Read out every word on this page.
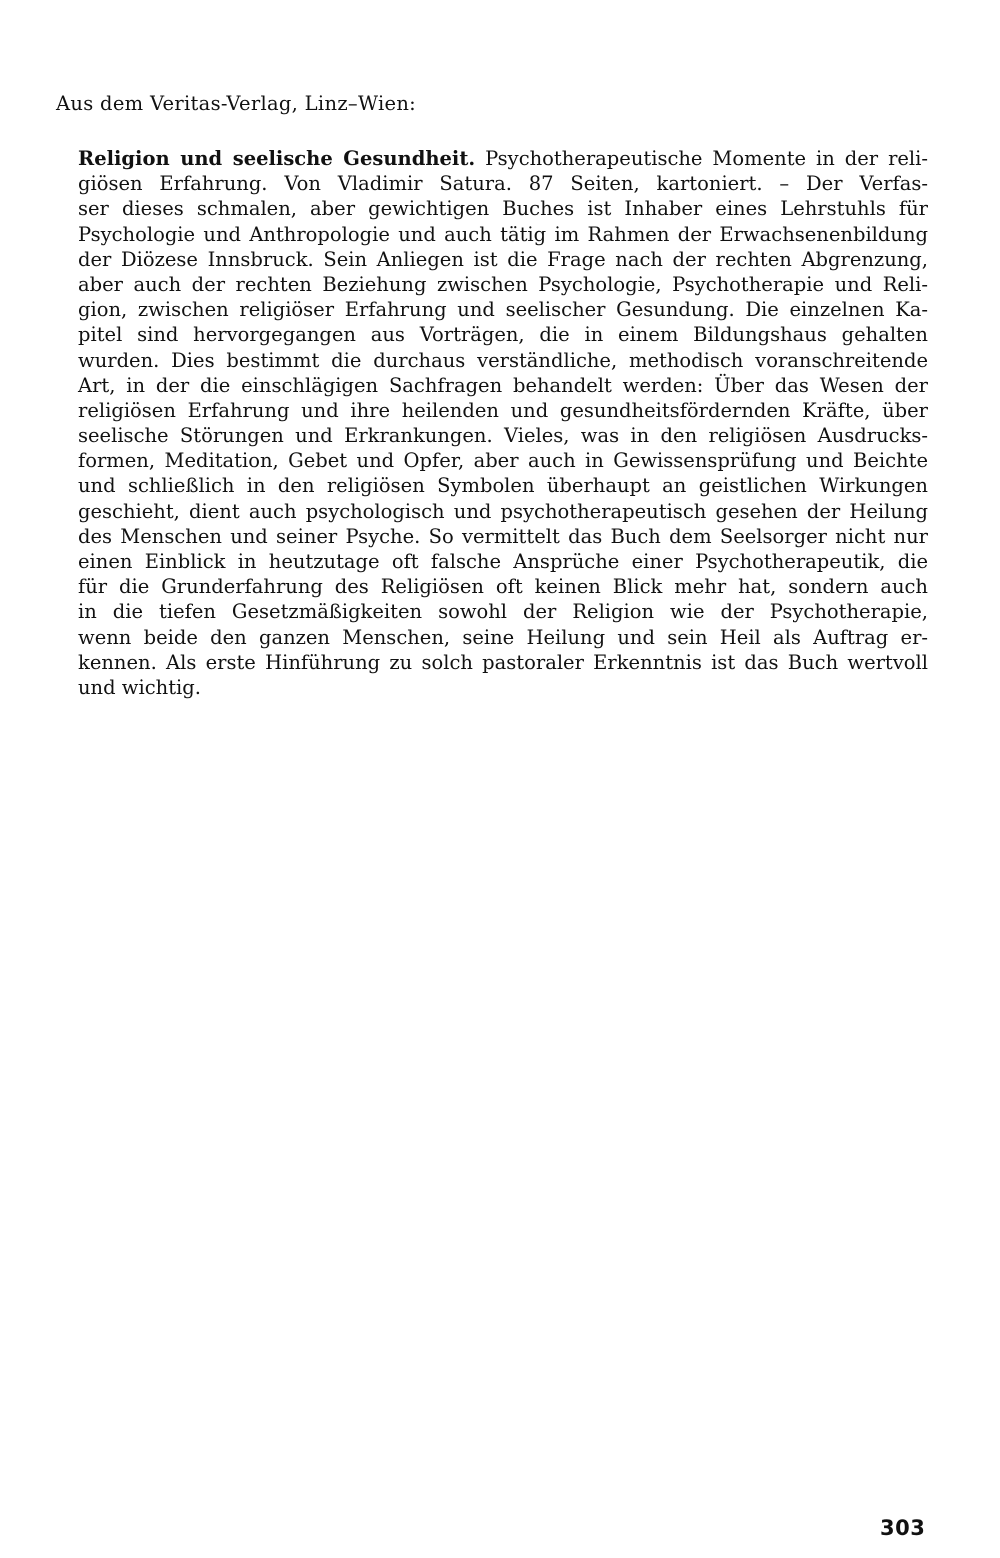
Aus dem Veritas-Verlag, Linz–Wien:
Religion und seelische Gesundheit. Psychotherapeutische Momente in der reli-
giösen Erfahrung. Von Vladimir Satura. 87 Seiten, kartoniert. – Der Verfas-
ser dieses schmalen, aber gewichtigen Buches ist Inhaber eines Lehrstuhls für
Psychologie und Anthropologie und auch tätig im Rahmen der Erwachsenenbildung
der Diözese Innsbruck. Sein Anliegen ist die Frage nach der rechten Abgrenzung,
aber auch der rechten Beziehung zwischen Psychologie, Psychotherapie und Reli-
gion, zwischen religiöser Erfahrung und seelischer Gesundung. Die einzelnen Ka-
pitel sind hervorgegangen aus Vorträgen, die in einem Bildungshaus gehalten
wurden. Dies bestimmt die durchaus verständliche, methodisch voranschreitende
Art, in der die einschlägigen Sachfragen behandelt werden: Über das Wesen der
religiösen Erfahrung und ihre heilenden und gesundheitsfördernden Kräfte, über
seelische Störungen und Erkrankungen. Vieles, was in den religiösen Ausdrucks-
formen, Meditation, Gebet und Opfer, aber auch in Gewissensprüfung und Beichte
und schließlich in den religiösen Symbolen überhaupt an geistlichen Wirkungen
geschieht, dient auch psychologisch und psychotherapeutisch gesehen der Heilung
des Menschen und seiner Psyche. So vermittelt das Buch dem Seelsorger nicht nur
einen Einblick in heutzutage oft falsche Ansprüche einer Psychotherapeutik, die
für die Grunderfahrung des Religiösen oft keinen Blick mehr hat, sondern auch
in die tiefen Gesetzmäßigkeiten sowohl der Religion wie der Psychotherapie,
wenn beide den ganzen Menschen, seine Heilung und sein Heil als Auftrag er-
kennen. Als erste Hinführung zu solch pastoraler Erkenntnis ist das Buch wertvoll
und wichtig.
303
